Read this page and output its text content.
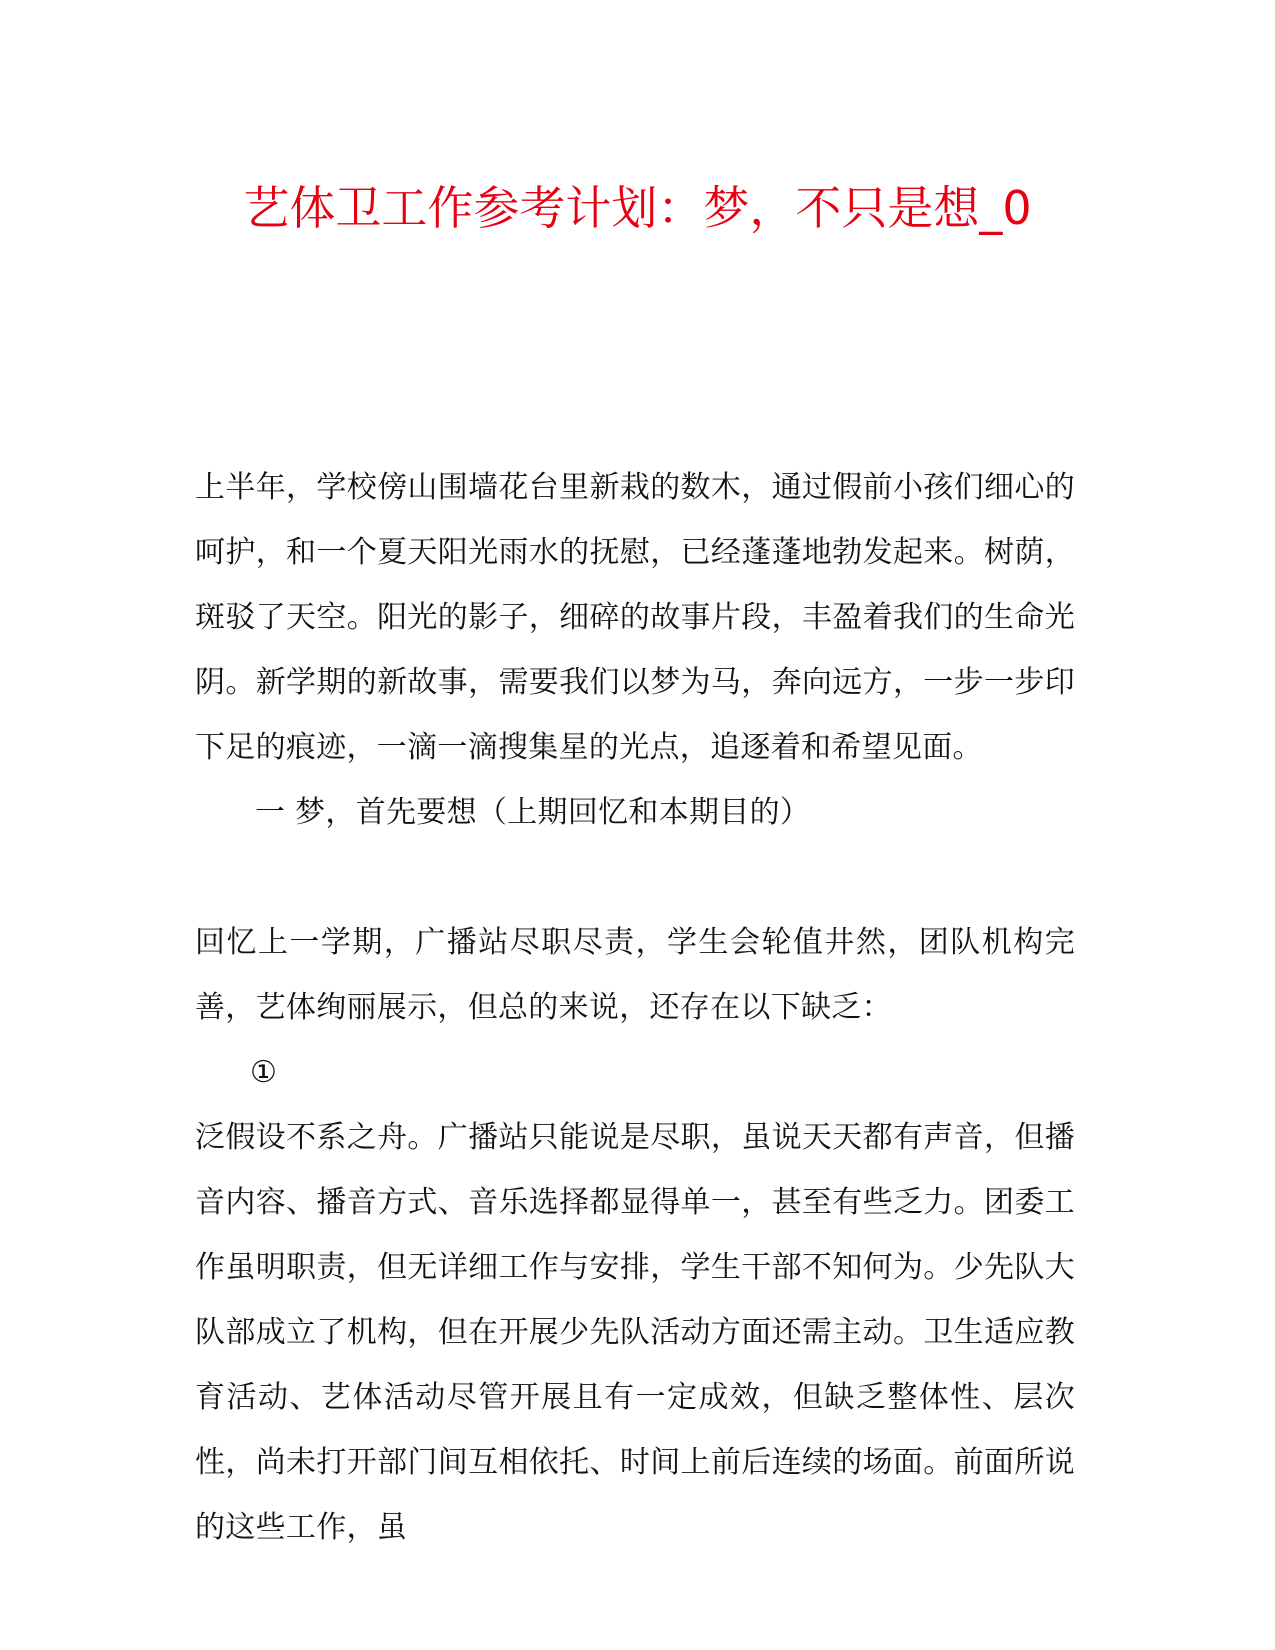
艺体卫工作参考计划：梦，不只是想_0

上半年，学校傍山围墙花台里新栽的数木，通过假前小孩们细心的呵护，和一个夏天阳光雨水的抚慰，已经蓬蓬地勃发起来。树荫，斑驳了天空。阳光的影子，细碎的故事片段，丰盈着我们的生命光阴。新学期的新故事，需要我们以梦为马，奔向远方，一步一步印下足的痕迹，一滴一滴搜集星的光点，追逐着和希望见面。

一 梦，首先要想（上期回忆和本期目的）

回忆上一学期，广播站尽职尽责，学生会轮值井然，团队机构完善，艺体绚丽展示，但总的来说，还存在以下缺乏：

①

泛假设不系之舟。广播站只能说是尽职，虽说天天都有声音，但播音内容、播音方式、音乐选择都显得单一，甚至有些乏力。团委工作虽明职责，但无详细工作与安排，学生干部不知何为。少先队大队部成立了机构，但在开展少先队活动方面还需主动。卫生适应教育活动、艺体活动尽管开展且有一定成效，但缺乏整体性、层次性，尚未打开部门间互相依托、时间上前后连续的场面。前面所说的这些工作，虽
